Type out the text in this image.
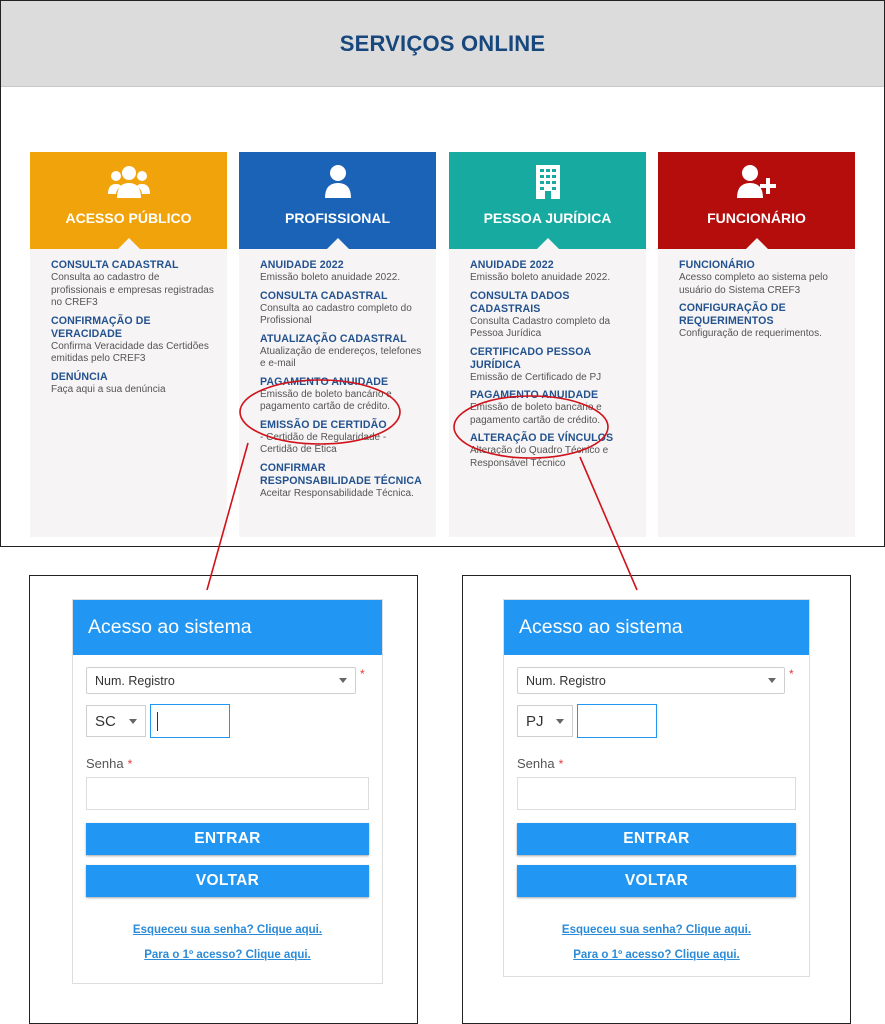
SERVIÇOS ONLINE
ACESSO PÚBLICO
CONSULTA CADASTRAL
Consulta ao cadastro de profissionais e empresas registradas no CREF3
CONFIRMAÇÃO DE VERACIDADE
Confirma Veracidade das Certidões emitidas pelo CREF3
DENÚNCIA
Faça aqui a sua denúncia
PROFISSIONAL
ANUIDADE 2022
Emissão boleto anuidade 2022.
CONSULTA CADASTRAL
Consulta ao cadastro completo do Profissional
ATUALIZAÇÃO CADASTRAL
Atualização de endereços, telefones e e-mail
PAGAMENTO ANUIDADE
Emissão de boleto bancário e pagamento cartão de crédito.
EMISSÃO DE CERTIDÃO
- Certidão de Regularidade - Certidão de Ética
CONFIRMAR RESPONSABILIDADE TÉCNICA
Aceitar Responsabilidade Técnica.
PESSOA JURÍDICA
ANUIDADE 2022
Emissão boleto anuidade 2022.
CONSULTA DADOS CADASTRAIS
Consulta Cadastro completo da Pessoa Jurídica
CERTIFICADO PESSOA JURÍDICA
Emissão de Certificado de PJ
PAGAMENTO ANUIDADE
Emissão de boleto bancário e pagamento cartão de crédito.
ALTERAÇÃO DE VÍNCULOS
Alteração do Quadro Técnico e Responsável Técnico
FUNCIONÁRIO
FUNCIONÁRIO
Acesso completo ao sistema pelo usuário do Sistema CREF3
CONFIGURAÇÃO DE REQUERIMENTOS
Configuração de requerimentos.
Acesso ao sistema
Num. Registro	*
SC
Senha *
ENTRAR
VOLTAR
Esqueceu sua senha? Clique aqui.
Para o 1º acesso? Clique aqui.
Acesso ao sistema
Num. Registro	*
PJ
Senha *
ENTRAR
VOLTAR
Esqueceu sua senha? Clique aqui.
Para o 1º acesso? Clique aqui.
